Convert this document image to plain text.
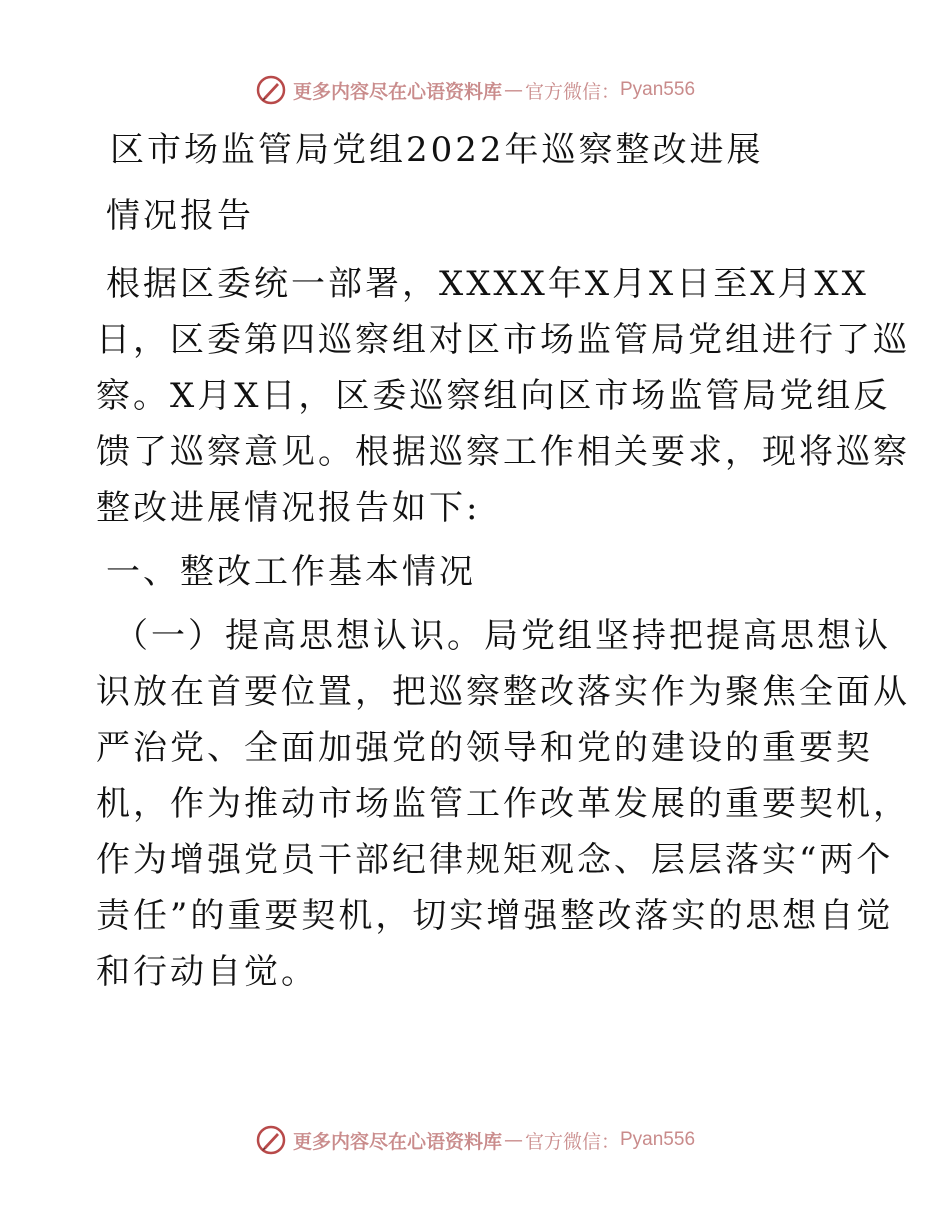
更多内容尽在心语资料库 — 官方微信： Pyan556

区市场监管局党组2022年巡察整改进展

情况报告

根据区委统一部署，XXXX年X月X日至X月XX

日，区委第四巡察组对区市场监管局党组进行了巡

察。X月X日，区委巡察组向区市场监管局党组反

馈了巡察意见。根据巡察工作相关要求，现将巡察

整改进展情况报告如下:

一、整改工作基本情况

（一）提高思想认识。局党组坚持把提高思想认

识放在首要位置，把巡察整改落实作为聚焦全面从

严治党、全面加强党的领导和党的建设的重要契

机，作为推动市场监管工作改革发展的重要契机，

作为增强党员干部纪律规矩观念、层层落实“两个

责任”的重要契机，切实增强整改落实的思想自觉

和行动自觉。

更多内容尽在心语资料库 — 官方微信： Pyan556
